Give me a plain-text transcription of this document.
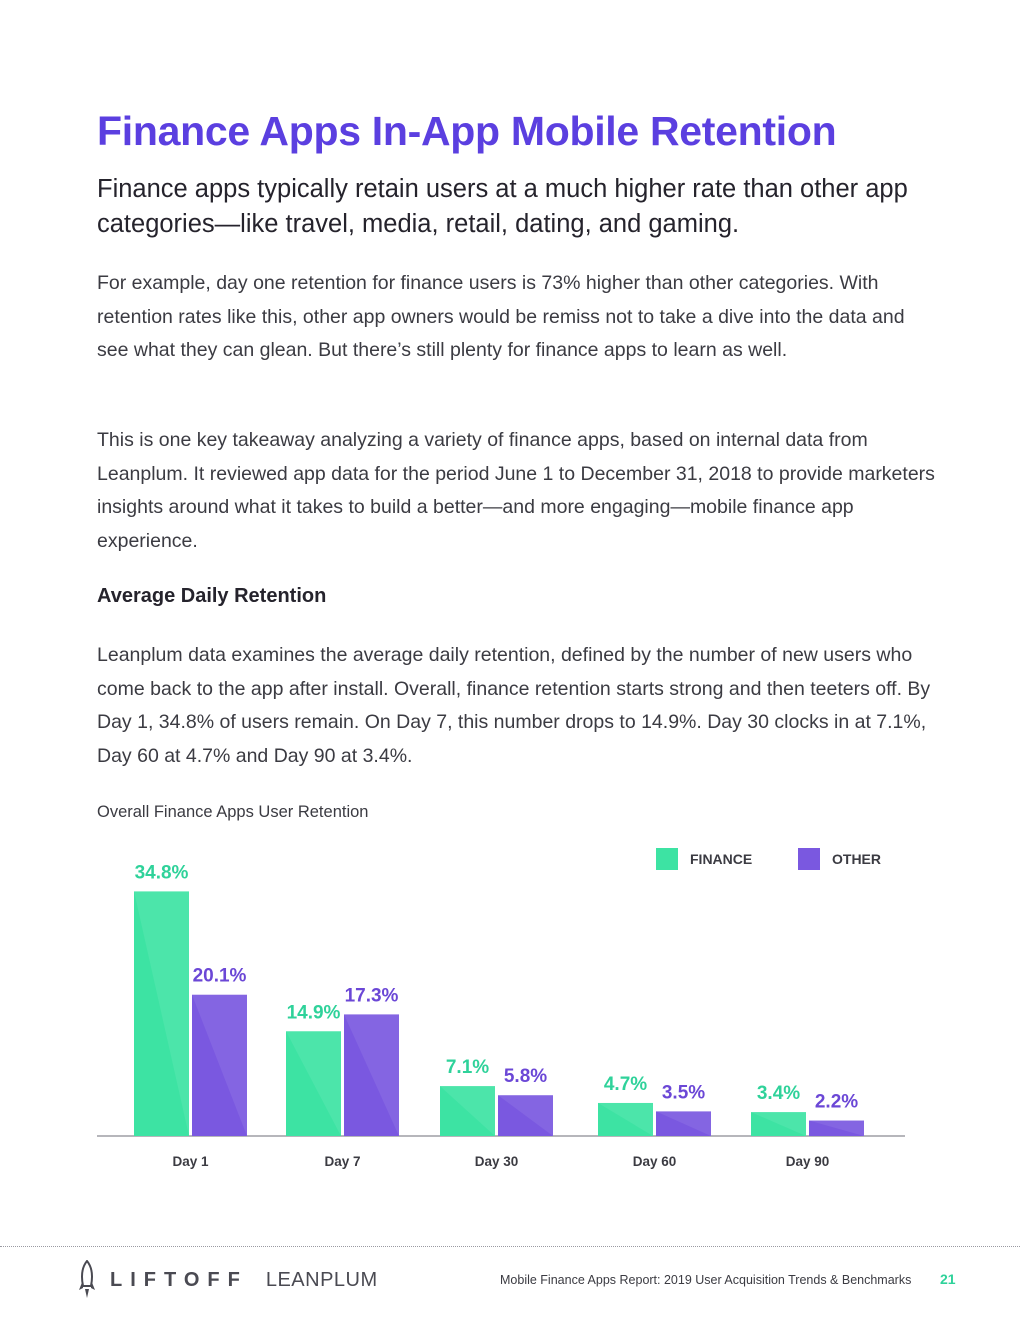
Finance Apps In-App Mobile Retention

Finance apps typically retain users at a much higher rate than other app categories—like travel, media, retail, dating, and gaming.

For example, day one retention for finance users is 73% higher than other categories. With retention rates like this, other app owners would be remiss not to take a dive into the data and see what they can glean. But there’s still plenty for finance apps to learn as well.

This is one key takeaway analyzing a variety of finance apps, based on internal data from Leanplum. It reviewed app data for the period June 1 to December 31, 2018 to provide marketers insights around what it takes to build a better—and more engaging—mobile finance app experience.

Average Daily Retention

Leanplum data examines the average daily retention, defined by the number of new users who come back to the app after install. Overall, finance retention starts strong and then teeters off. By Day 1, 34.8% of users remain. On Day 7, this number drops to 14.9%. Day 30 clocks in at 7.1%, Day 60 at 4.7% and Day 90 at 3.4%.

Overall Finance Apps User Retention

34.8%
20.1%
Day 1
14.9%
17.3%
Day 7
7.1% 5.8%
Day 30
4.7% 3.5%
Day 60
3.4% 2.2%
Day 90
FINANCE	OTHER
LIFTOFF LEANPLUM	Mobile Finance Apps Report: 2019 User Acquisition Trends & Benchmarks 21
